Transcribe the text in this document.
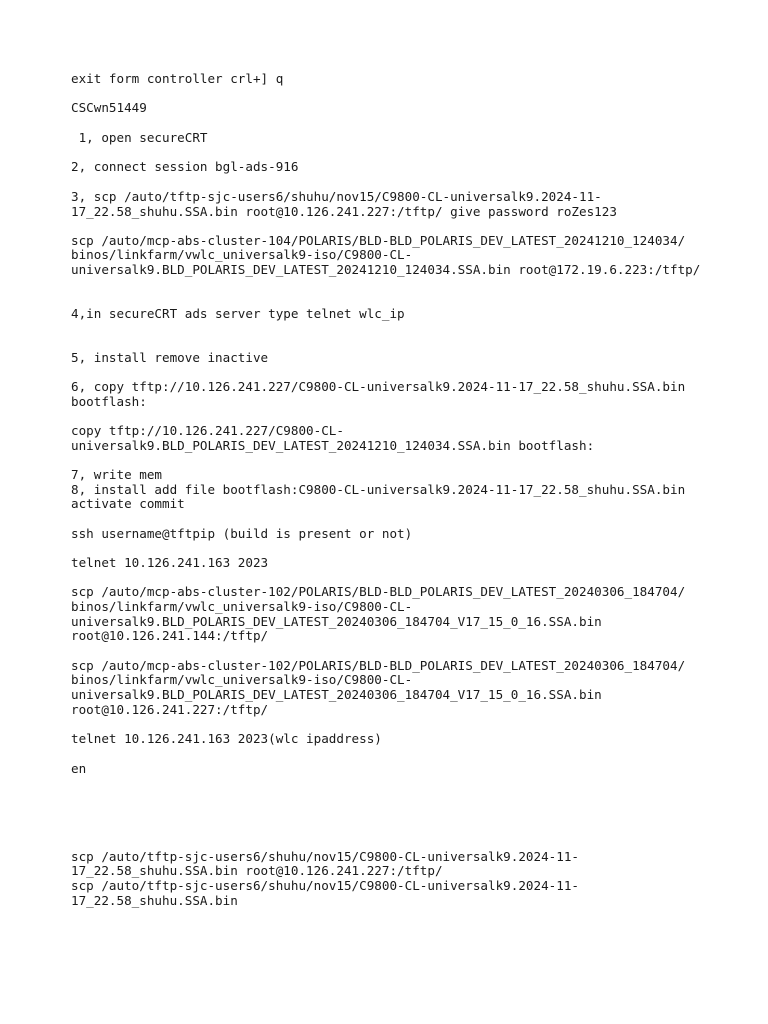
exit form controller crl+] q

CSCwn51449

1, open secureCRT

2, connect session bgl-ads-916

3, scp /auto/tftp-sjc-users6/shuhu/nov15/C9800-CL-universalk9.2024-11-

17_22.58_shuhu.SSA.bin root@10.126.241.227:/tftp/ give password roZes123

scp /auto/mcp-abs-cluster-104/POLARIS/BLD-BLD_POLARIS_DEV_LATEST_20241210_124034/

binos/linkfarm/vwlc_universalk9-iso/C9800-CL-

universalk9.BLD_POLARIS_DEV_LATEST_20241210_124034.SSA.bin root@172.19.6.223:/tftp/

4,in secureCRT ads server type telnet wlc_ip

5, install remove inactive

6, copy tftp://10.126.241.227/C9800-CL-universalk9.2024-11-17_22.58_shuhu.SSA.bin

bootflash:

copy tftp://10.126.241.227/C9800-CL-

universalk9.BLD_POLARIS_DEV_LATEST_20241210_124034.SSA.bin bootflash:

7, write mem

8, install add file bootflash:C9800-CL-universalk9.2024-11-17_22.58_shuhu.SSA.bin

activate commit

ssh username@tftpip (build is present or not)

telnet 10.126.241.163 2023

scp /auto/mcp-abs-cluster-102/POLARIS/BLD-BLD_POLARIS_DEV_LATEST_20240306_184704/

binos/linkfarm/vwlc_universalk9-iso/C9800-CL-

universalk9.BLD_POLARIS_DEV_LATEST_20240306_184704_V17_15_0_16.SSA.bin

root@10.126.241.144:/tftp/

scp /auto/mcp-abs-cluster-102/POLARIS/BLD-BLD_POLARIS_DEV_LATEST_20240306_184704/

binos/linkfarm/vwlc_universalk9-iso/C9800-CL-

universalk9.BLD_POLARIS_DEV_LATEST_20240306_184704_V17_15_0_16.SSA.bin

root@10.126.241.227:/tftp/

telnet 10.126.241.163 2023(wlc ipaddress)

en

scp /auto/tftp-sjc-users6/shuhu/nov15/C9800-CL-universalk9.2024-11-

17_22.58_shuhu.SSA.bin root@10.126.241.227:/tftp/

scp /auto/tftp-sjc-users6/shuhu/nov15/C9800-CL-universalk9.2024-11-

17_22.58_shuhu.SSA.bin
